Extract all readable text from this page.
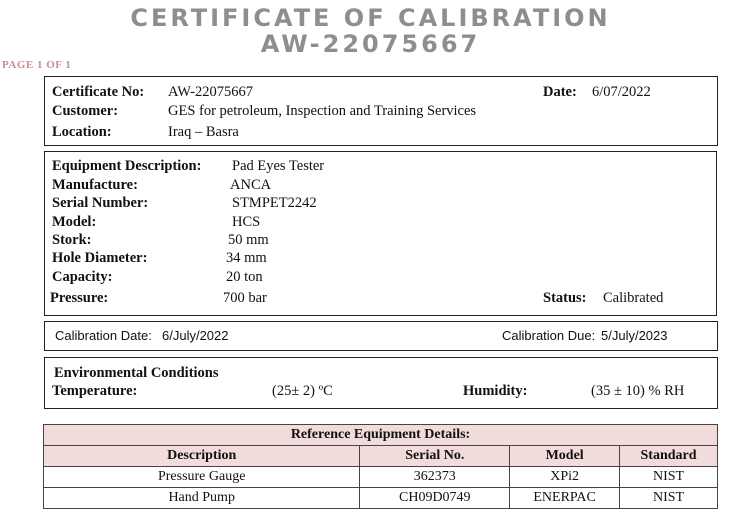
CERTIFICATE OF CALIBRATION
AW-22075667
PAGE 1 OF 1
Certificate No: AW-22075667	Date: 6/07/2022
Customer:	GES for petroleum, Inspection and Training Services
Location:	Iraq – Basra
Equipment Description: Pad Eyes Tester
Manufacture:	ANCA
Serial Number:	STMPET2242
Model:	HCS
Stork:	50 mm
Hole Diameter:	34 mm
Capacity:	20 ton
Pressure:	700 bar	Status: Calibrated
Calibration Date: 6/July/2022	Calibration Due: 5/July/2023
Environmental Conditions
Temperature:	(25± 2) ºC	Humidity:	(35 ± 10) % RH
Reference Equipment Details:			
Description	Serial No.	Model	Standard
Pressure Gauge	362373	XPi2	NIST
Hand Pump	CH09D0749	ENERPAC	NIST
